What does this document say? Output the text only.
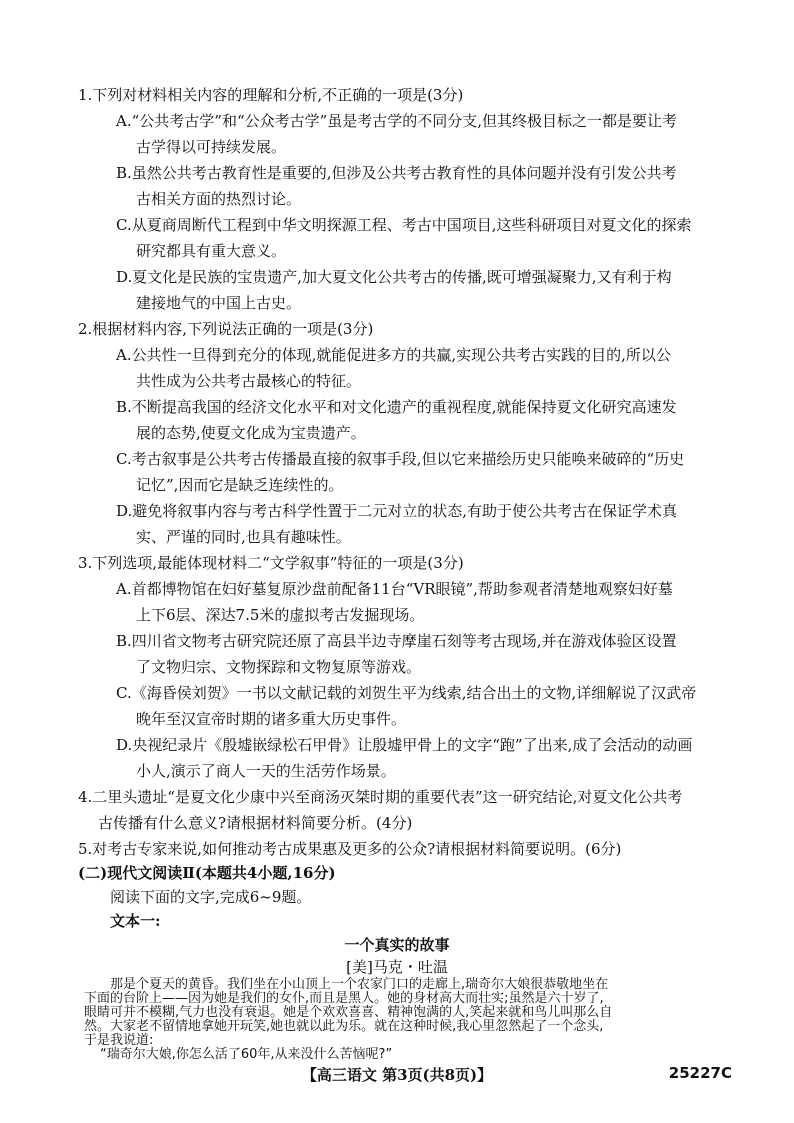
1.下列对材料相关内容的理解和分析,不正确的一项是(3分)
A.“公共考古学”和“公众考古学”虽是考古学的不同分支,但其终极目标之一都是要让考
古学得以可持续发展。
B.虽然公共考古教育性是重要的,但涉及公共考古教育性的具体问题并没有引发公共考
古相关方面的热烈讨论。
C.从夏商周断代工程到中华文明探源工程、考古中国项目,这些科研项目对夏文化的探索
研究都具有重大意义。
D.夏文化是民族的宝贵遗产,加大夏文化公共考古的传播,既可增强凝聚力,又有利于构
建接地气的中国上古史。
2.根据材料内容,下列说法正确的一项是(3分)
A.公共性一旦得到充分的体现,就能促进多方的共赢,实现公共考古实践的目的,所以公
共性成为公共考古最核心的特征。
B.不断提高我国的经济文化水平和对文化遗产的重视程度,就能保持夏文化研究高速发
展的态势,使夏文化成为宝贵遗产。
C.考古叙事是公共考古传播最直接的叙事手段,但以它来描绘历史只能唤来破碎的“历史
记忆”,因而它是缺乏连续性的。
D.避免将叙事内容与考古科学性置于二元对立的状态,有助于使公共考古在保证学术真
实、严谨的同时,也具有趣味性。
3.下列选项,最能体现材料二“文学叙事”特征的一项是(3分)
A.首都博物馆在妇好墓复原沙盘前配备11台“VR眼镜”,帮助参观者清楚地观察妇好墓
上下6层、深达7.5米的虚拟考古发掘现场。
B.四川省文物考古研究院还原了高县半边寺摩崖石刻等考古现场,并在游戏体验区设置
了文物归宗、文物探踪和文物复原等游戏。
C.《海昏侯刘贺》一书以文献记载的刘贺生平为线索,结合出土的文物,详细解说了汉武帝
晚年至汉宣帝时期的诸多重大历史事件。
D.央视纪录片《殷墟嵌绿松石甲骨》让殷墟甲骨上的文字“跑”了出来,成了会活动的动画
小人,演示了商人一天的生活劳作场景。
4.二里头遗址“是夏文化少康中兴至商汤灭桀时期的重要代表”这一研究结论,对夏文化公共考
古传播有什么意义?请根据材料简要分析。(4分)
5.对考古专家来说,如何推动考古成果惠及更多的公众?请根据材料简要说明。(6分)
(二)现代文阅读Ⅱ(本题共4小题,16分)
阅读下面的文字,完成6~9题。
文本一:
一个真实的故事
[美]马克・吐温
那是个夏天的黄昏。我们坐在小山顶上一个农家门口的走廊上,瑞奇尔大娘很恭敬地坐在
下面的台阶上——因为她是我们的女仆,而且是黑人。她的身材高大而壮实;虽然是六十岁了,
【高三语文 第3页(共8页)】	25227C
眼睛可并不模糊,气力也没有衰退。她是个欢欢喜喜、精神饱满的人,笑起来就和鸟儿叫那么自
然。大家老不留情地拿她开玩笑,她也就以此为乐。就在这种时候,我心里忽然起了一个念头,
于是我说道:
“瑞奇尔大娘,你怎么活了60年,从来没什么苦恼呢?”
